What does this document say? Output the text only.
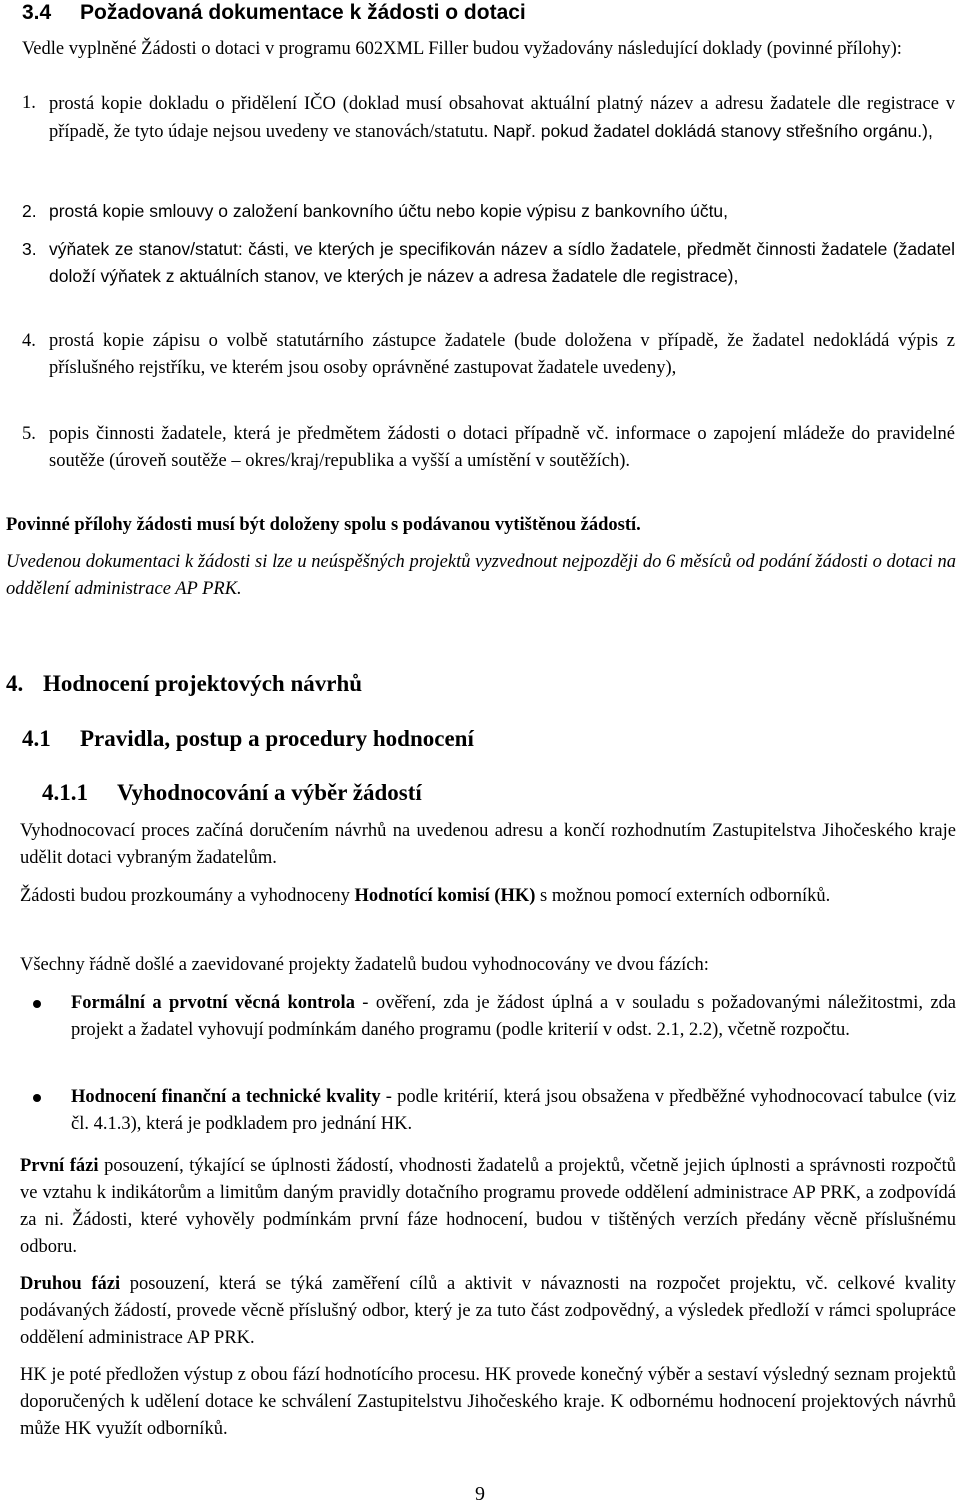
3.4 Požadovaná dokumentace k žádosti o dotaci
Vedle vyplněné Žádosti o dotaci v programu 602XML Filler budou vyžadovány následující doklady (povinné přílohy):
1. prostá kopie dokladu o přidělení IČO (doklad musí obsahovat aktuální platný název a adresu žadatele dle registrace v případě, že tyto údaje nejsou uvedeny ve stanovách/statutu. Např. pokud žadatel dokládá stanovy střešního orgánu.),
2. prostá kopie smlouvy o založení bankovního účtu nebo kopie výpisu z bankovního účtu,
3. výňatek ze stanov/statut: části, ve kterých je specifikován název a sídlo žadatele, předmět činnosti žadatele (žadatel doloží výňatek z aktuálních stanov, ve kterých je název a adresa žadatele dle registrace),
4. prostá kopie zápisu o volbě statutárního zástupce žadatele (bude doložena v případě, že žadatel nedokládá výpis z příslušného rejstříku, ve kterém jsou osoby oprávněné zastupovat žadatele uvedeny),
5. popis činnosti žadatele, která je předmětem žádosti o dotaci případně vč. informace o zapojení mládeže do pravidelné soutěže (úroveň soutěže – okres/kraj/republika a vyšší a umístění v soutěžích).
Povinné přílohy žádosti musí být doloženy spolu s podávanou vytištěnou žádostí.
Uvedenou dokumentaci k žádosti si lze u neúspěšných projektů vyzvednout nejpozději do 6 měsíců od podání žádosti o dotaci na oddělení administrace AP PRK.
4. Hodnocení projektových návrhů
4.1 Pravidla, postup a procedury hodnocení
4.1.1 Vyhodnocování a výběr žádostí
Vyhodnocovací proces začíná doručením návrhů na uvedenou adresu a končí rozhodnutím Zastupitelstva Jihočeského kraje udělit dotaci vybraným žadatelům.
Žádosti budou prozkoumány a vyhodnoceny Hodnotící komisí (HK) s možnou pomocí externích odborníků.
Všechny řádně došlé a zaevidované projekty žadatelů budou vyhodnocovány ve dvou fázích:
Formální a prvotní věcná kontrola - ověření, zda je žádost úplná a v souladu s požadovanými náležitostmi, zda projekt a žadatel vyhovují podmínkám daného programu (podle kriterií v odst. 2.1, 2.2), včetně rozpočtu.
Hodnocení finanční a technické kvality - podle kritérií, která jsou obsažena v předběžné vyhodnocovací tabulce (viz čl. 4.1.3), která je podkladem pro jednání HK.
První fázi posouzení, týkající se úplnosti žádostí, vhodnosti žadatelů a projektů, včetně jejich úplnosti a správnosti rozpočtů ve vztahu k indikátorům a limitům daným pravidly dotačního programu provede oddělení administrace AP PRK, a zodpovídá za ni. Žádosti, které vyhověly podmínkám první fáze hodnocení, budou v tištěných verzích předány věcně příslušnému odboru.
Druhou fázi posouzení, která se týká zaměření cílů a aktivit v návaznosti na rozpočet projektu, vč. celkové kvality podávaných žádostí, provede věcně příslušný odbor, který je za tuto část zodpovědný, a výsledek předloží v rámci spolupráce oddělení administrace AP PRK.
HK je poté předložen výstup z obou fází hodnotícího procesu. HK provede konečný výběr a sestaví výsledný seznam projektů doporučených k udělení dotace ke schválení Zastupitelstvu Jihočeského kraje. K odbornému hodnocení projektových návrhů může HK využít odborníků.
9
